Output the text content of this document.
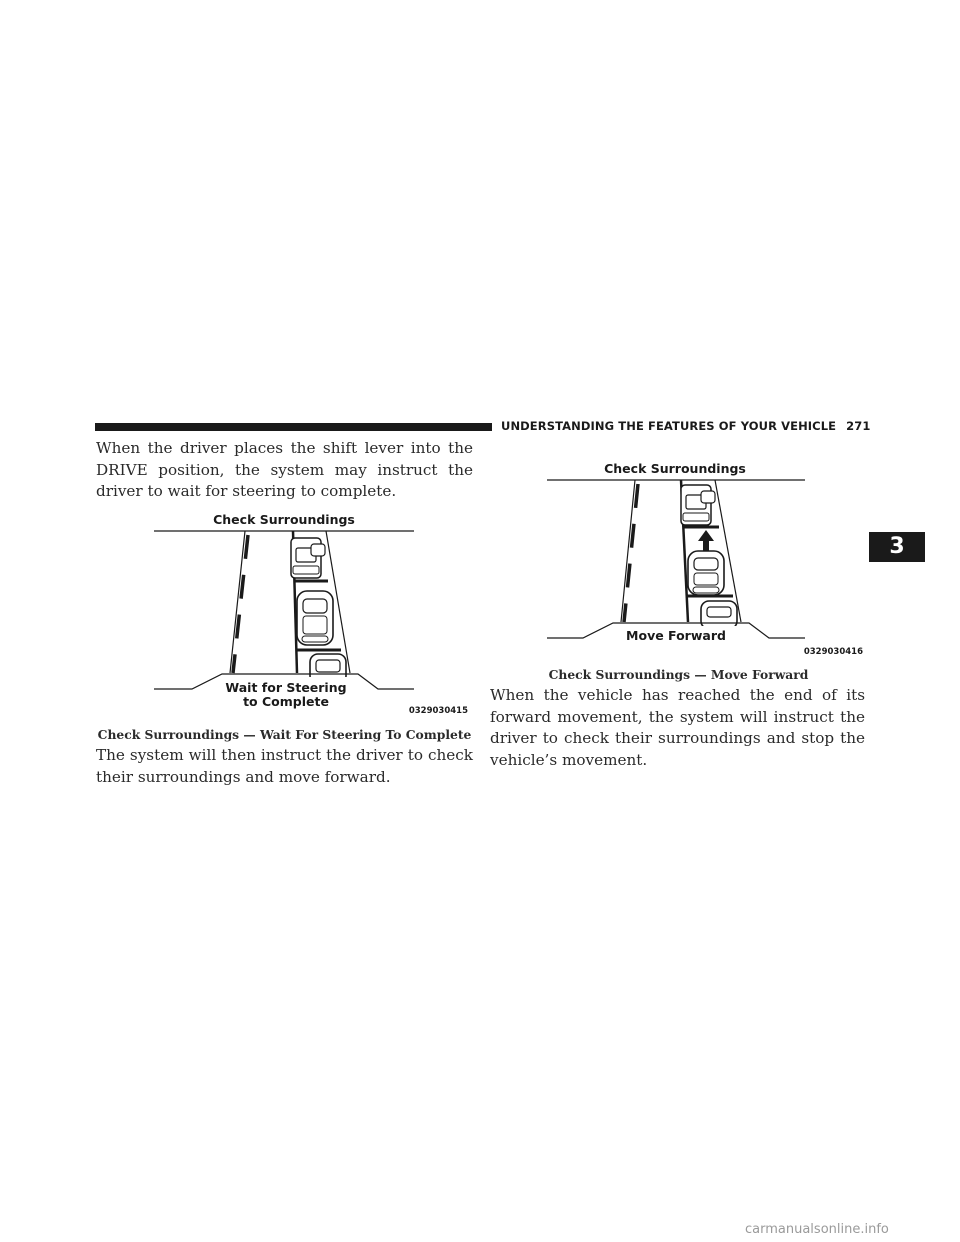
UNDERSTANDING THE FEATURES OF YOUR VEHICLE 271
3

When the driver places the shift lever into the DRIVE position, the system may instruct the driver to wait for steering to complete.

Check Surroundings
Wait for Steering
to Complete
0329030415
Check Surroundings — Wait For Steering To Complete

The system will then instruct the driver to check their surroundings and move forward.

Check Surroundings
Move Forward
0329030416
Check Surroundings — Move Forward

When the vehicle has reached the end of its forward movement, the system will instruct the driver to check their surroundings and stop the vehicle’s movement.

carmanualsonline.info
